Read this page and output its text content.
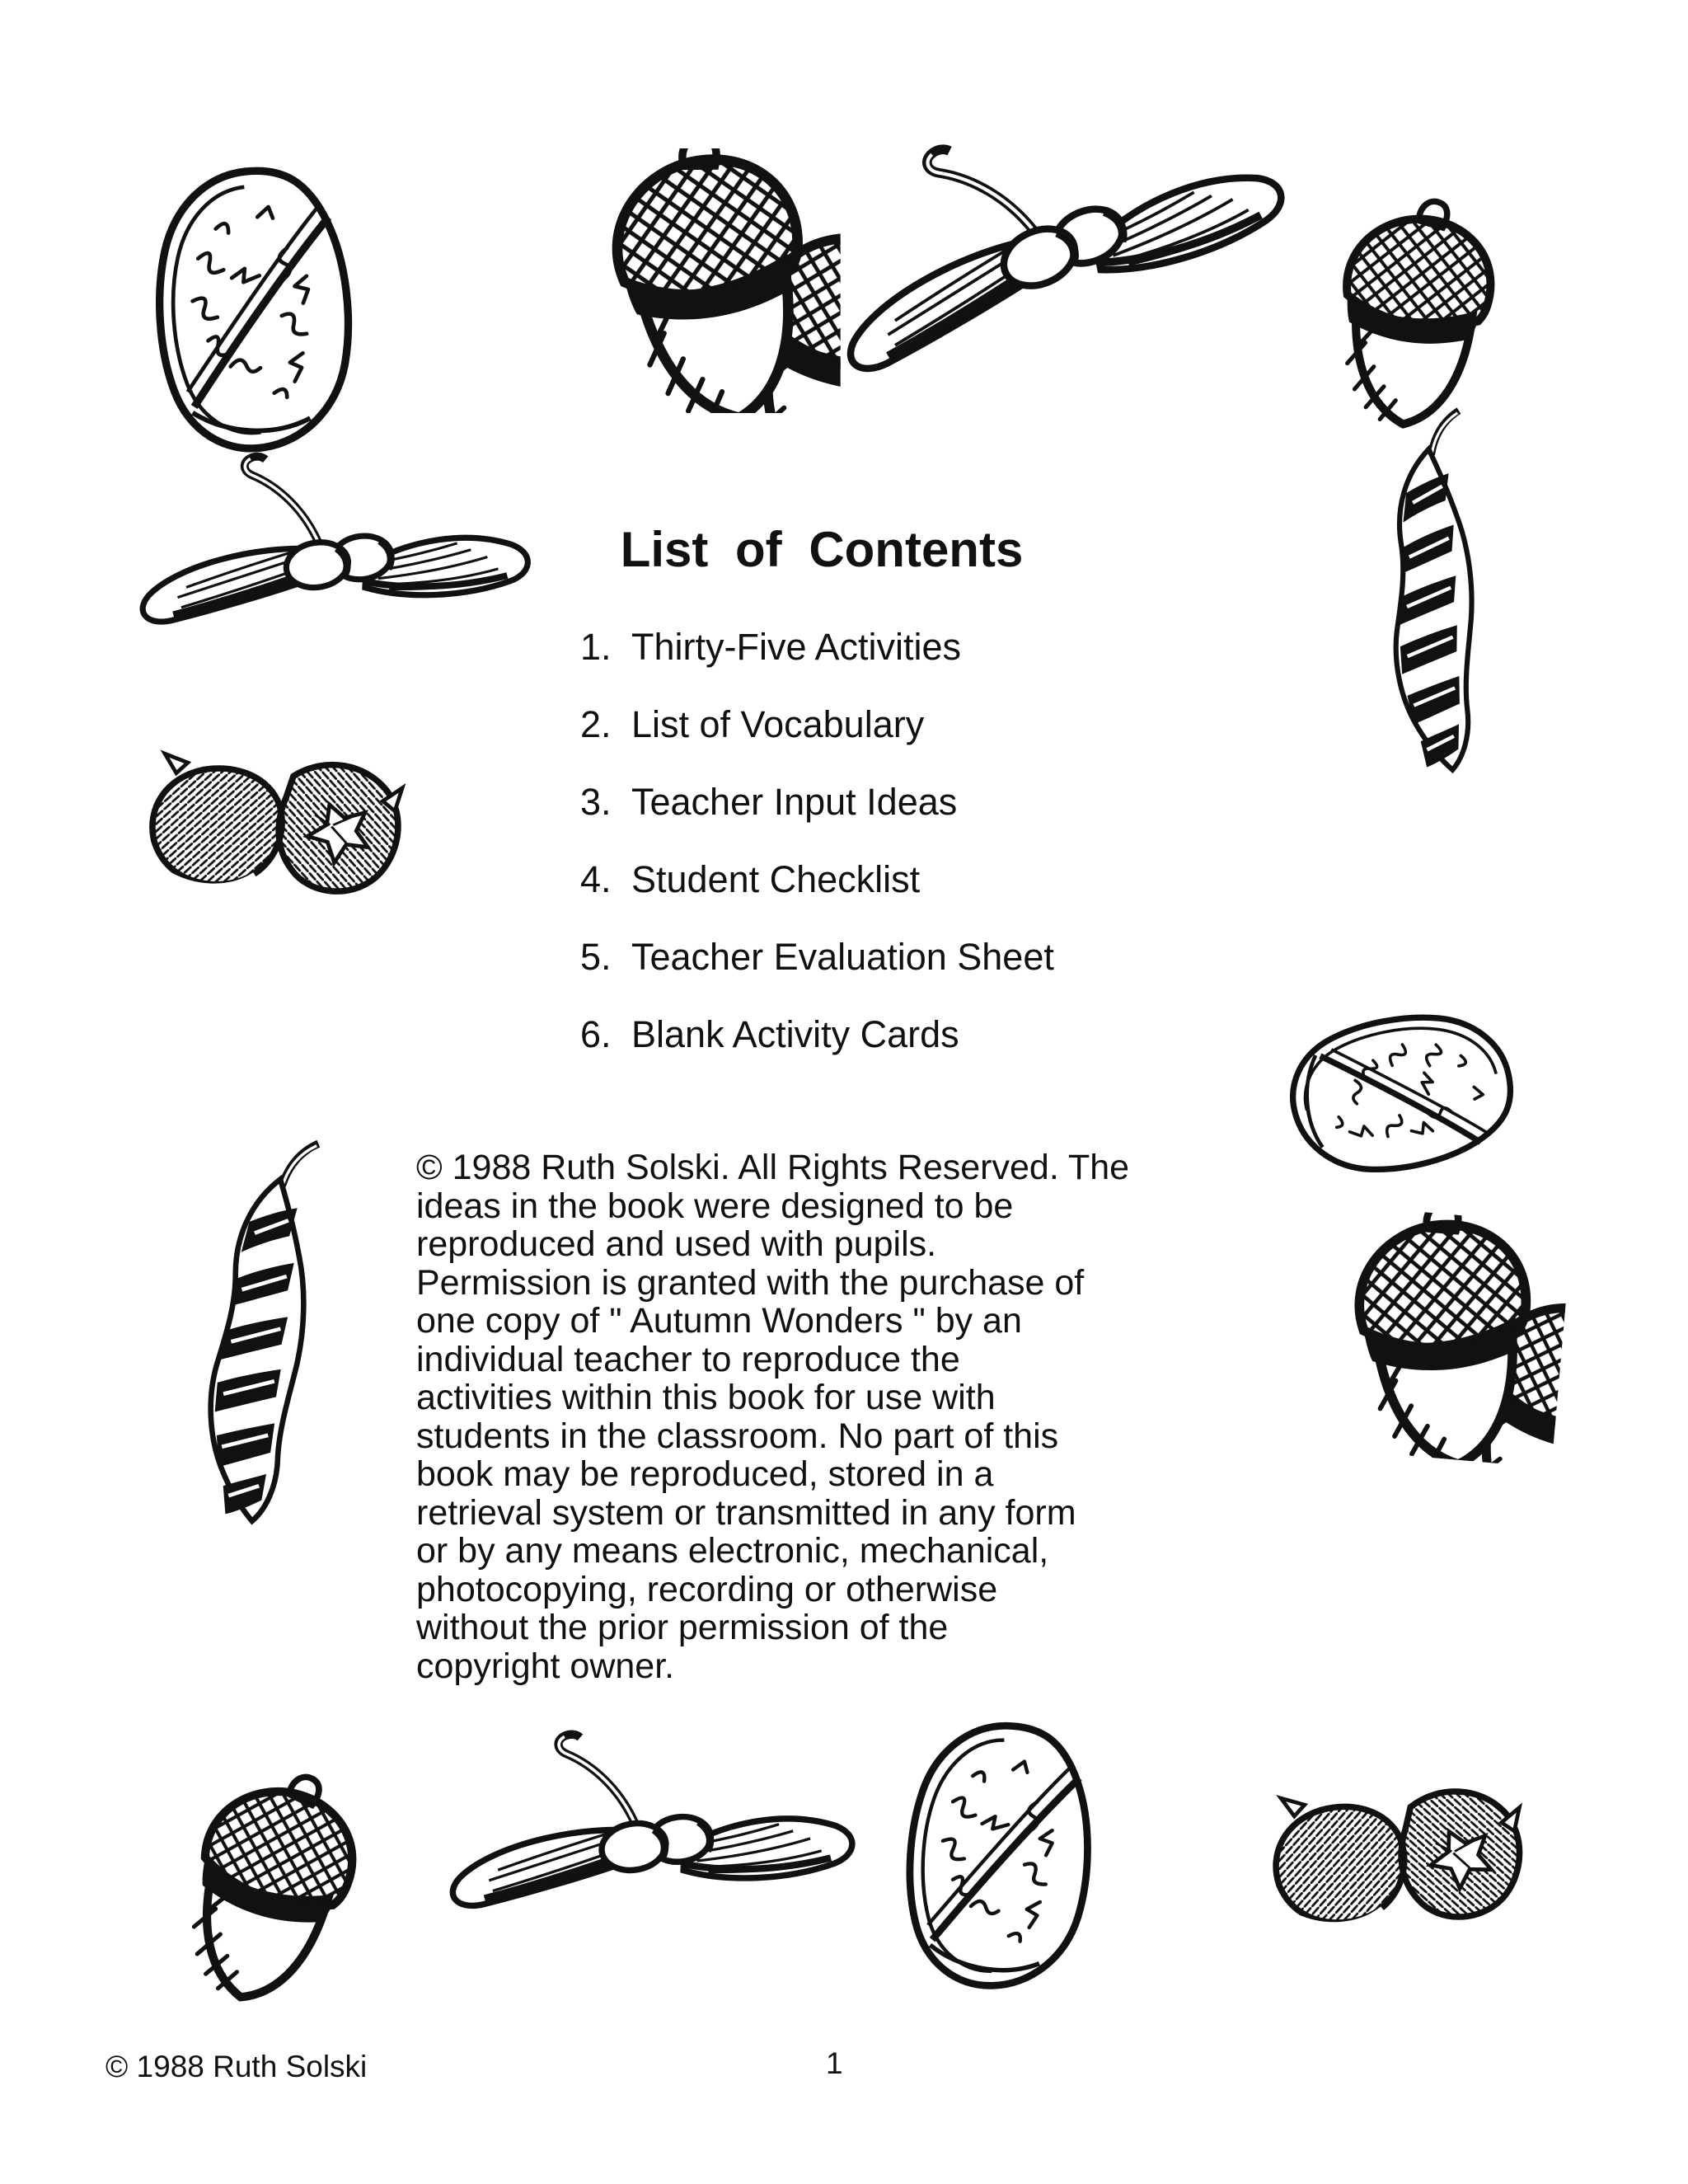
List of Contents
1. Thirty-Five Activities
2. List of Vocabulary
3. Teacher Input Ideas
4. Student Checklist
5. Teacher Evaluation Sheet
6. Blank Activity Cards
© 1988 Ruth Solski. All Rights Reserved. The
ideas in the book were designed to be
reproduced and used with pupils.
Permission is granted with the purchase of
one copy of " Autumn Wonders " by an
individual teacher to reproduce the
activities within this book for use with
students in the classroom. No part of this
book may be reproduced, stored in a
retrieval system or transmitted in any form
or by any means electronic, mechanical,
photocopying, recording or otherwise
without the prior permission of the
copyright owner.
© 1988 Ruth Solski	1
